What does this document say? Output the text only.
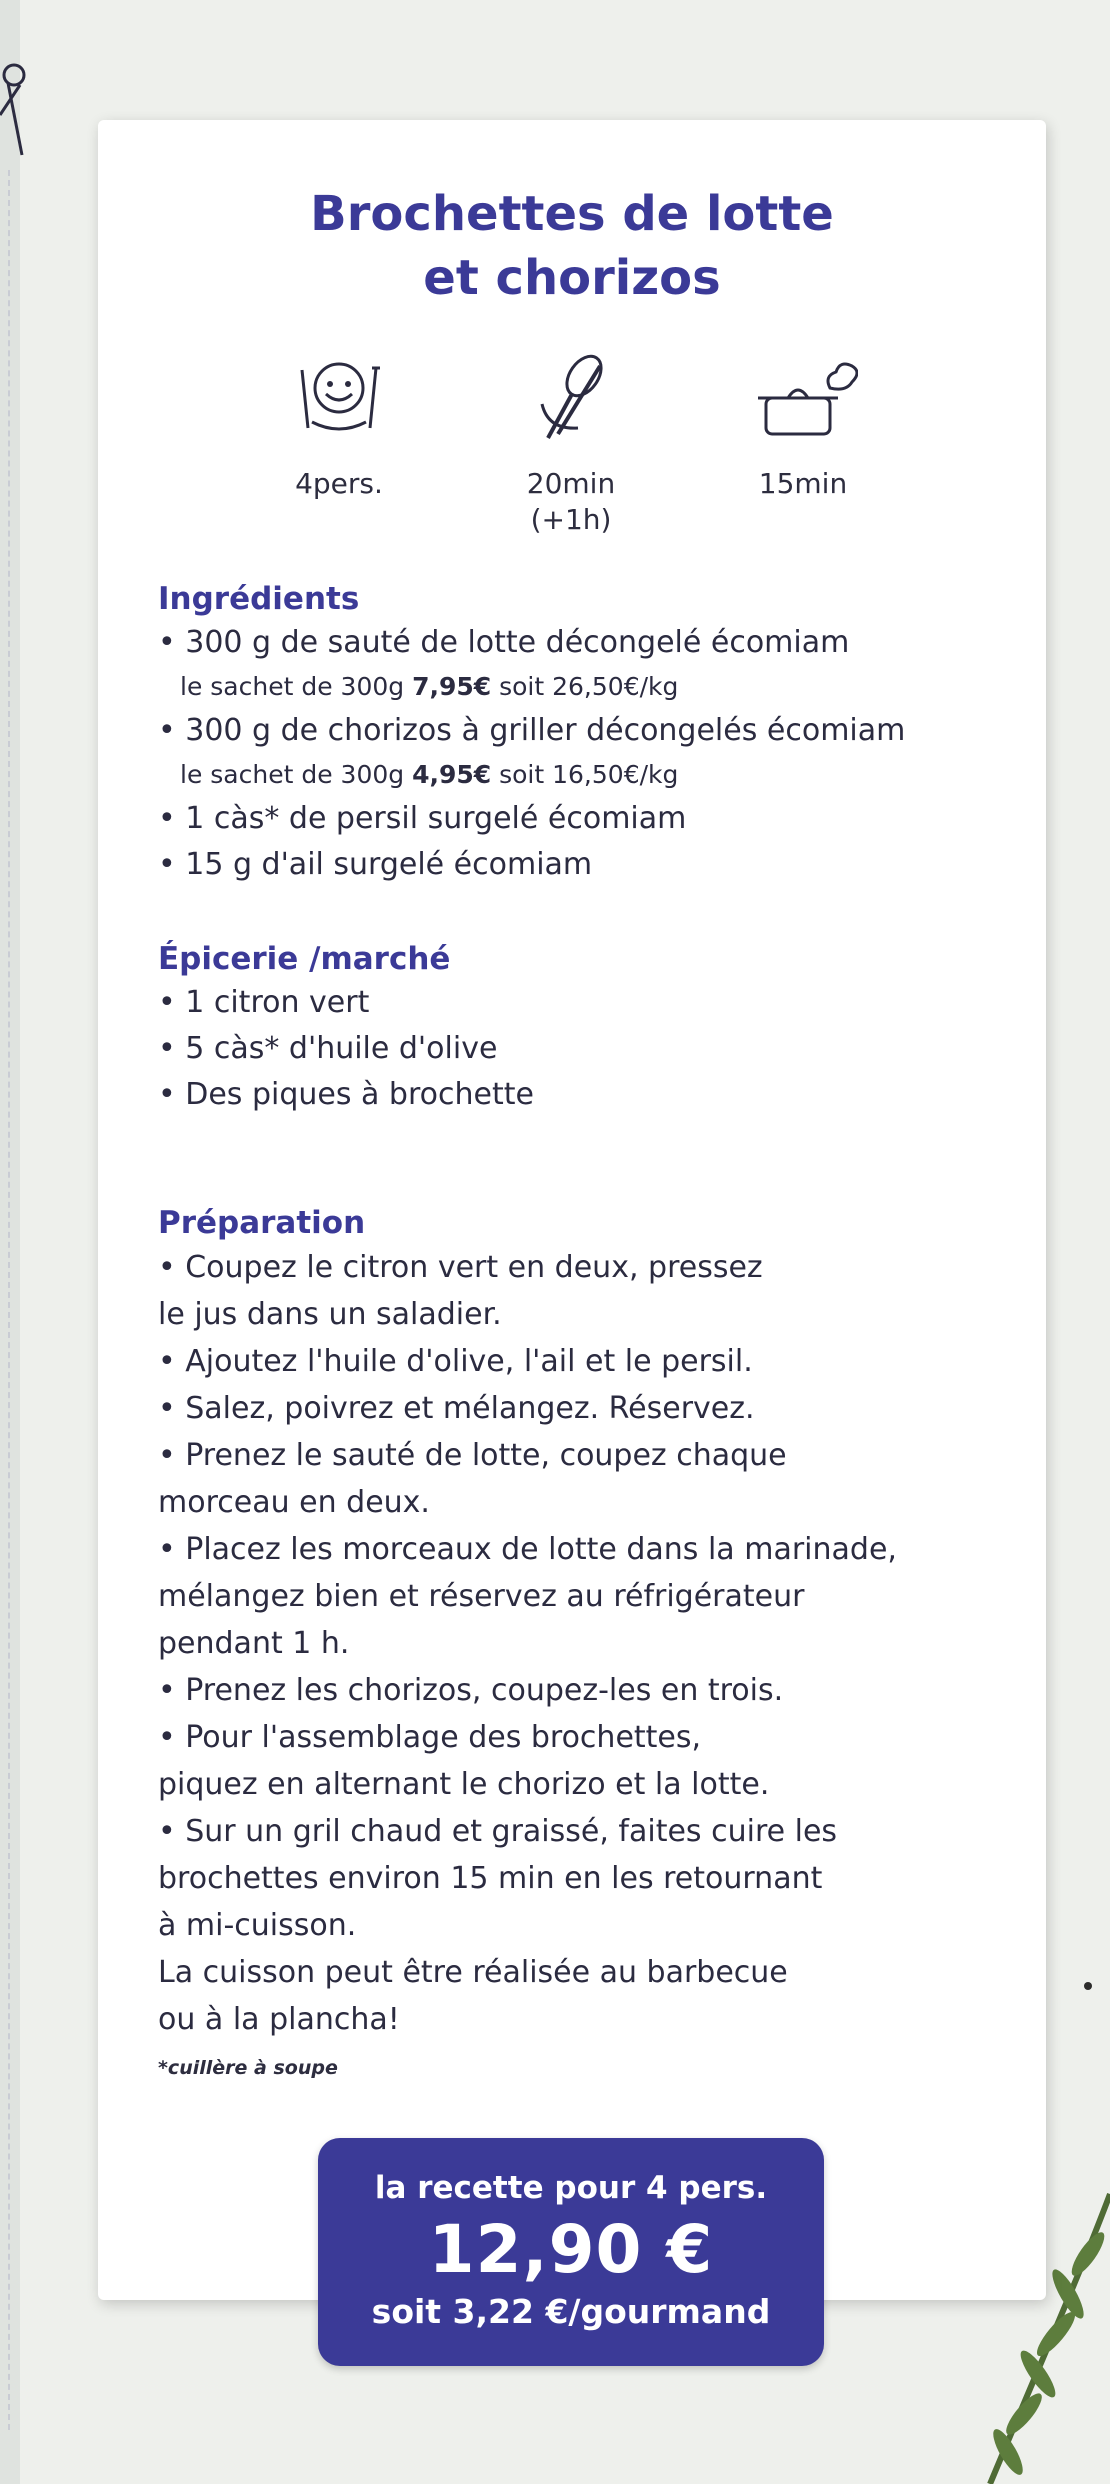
Brochettes de lotte
et chorizos
4pers.	20min
(+1h)
15min
Ingrédients
• 300 g de sauté de lotte décongelé écomiam
le sachet de 300g 7,95€ soit 26,50€/kg
• 300 g de chorizos à griller décongelés écomiam
le sachet de 300g 4,95€ soit 16,50€/kg
• 1 càs* de persil surgelé écomiam
• 15 g d'ail surgelé écomiam
Épicerie /marché
• 1 citron vert
• 5 càs* d'huile d'olive
• Des piques à brochette
Préparation
• Coupez le citron vert en deux, pressez
le jus dans un saladier.
• Ajoutez l'huile d'olive, l'ail et le persil.
• Salez, poivrez et mélangez. Réservez.
• Prenez le sauté de lotte, coupez chaque
morceau en deux.
• Placez les morceaux de lotte dans la marinade,
mélangez bien et réservez au réfrigérateur
pendant 1 h.
• Prenez les chorizos, coupez-les en trois.
• Pour l'assemblage des brochettes,
piquez en alternant le chorizo et la lotte.
• Sur un gril chaud et graissé, faites cuire les
brochettes environ 15 min en les retournant
à mi-cuisson.
La cuisson peut être réalisée au barbecue
ou à la plancha!
*cuillère à soupe
la recette pour 4 pers.
12,90 €
soit 3,22 €/gourmand
